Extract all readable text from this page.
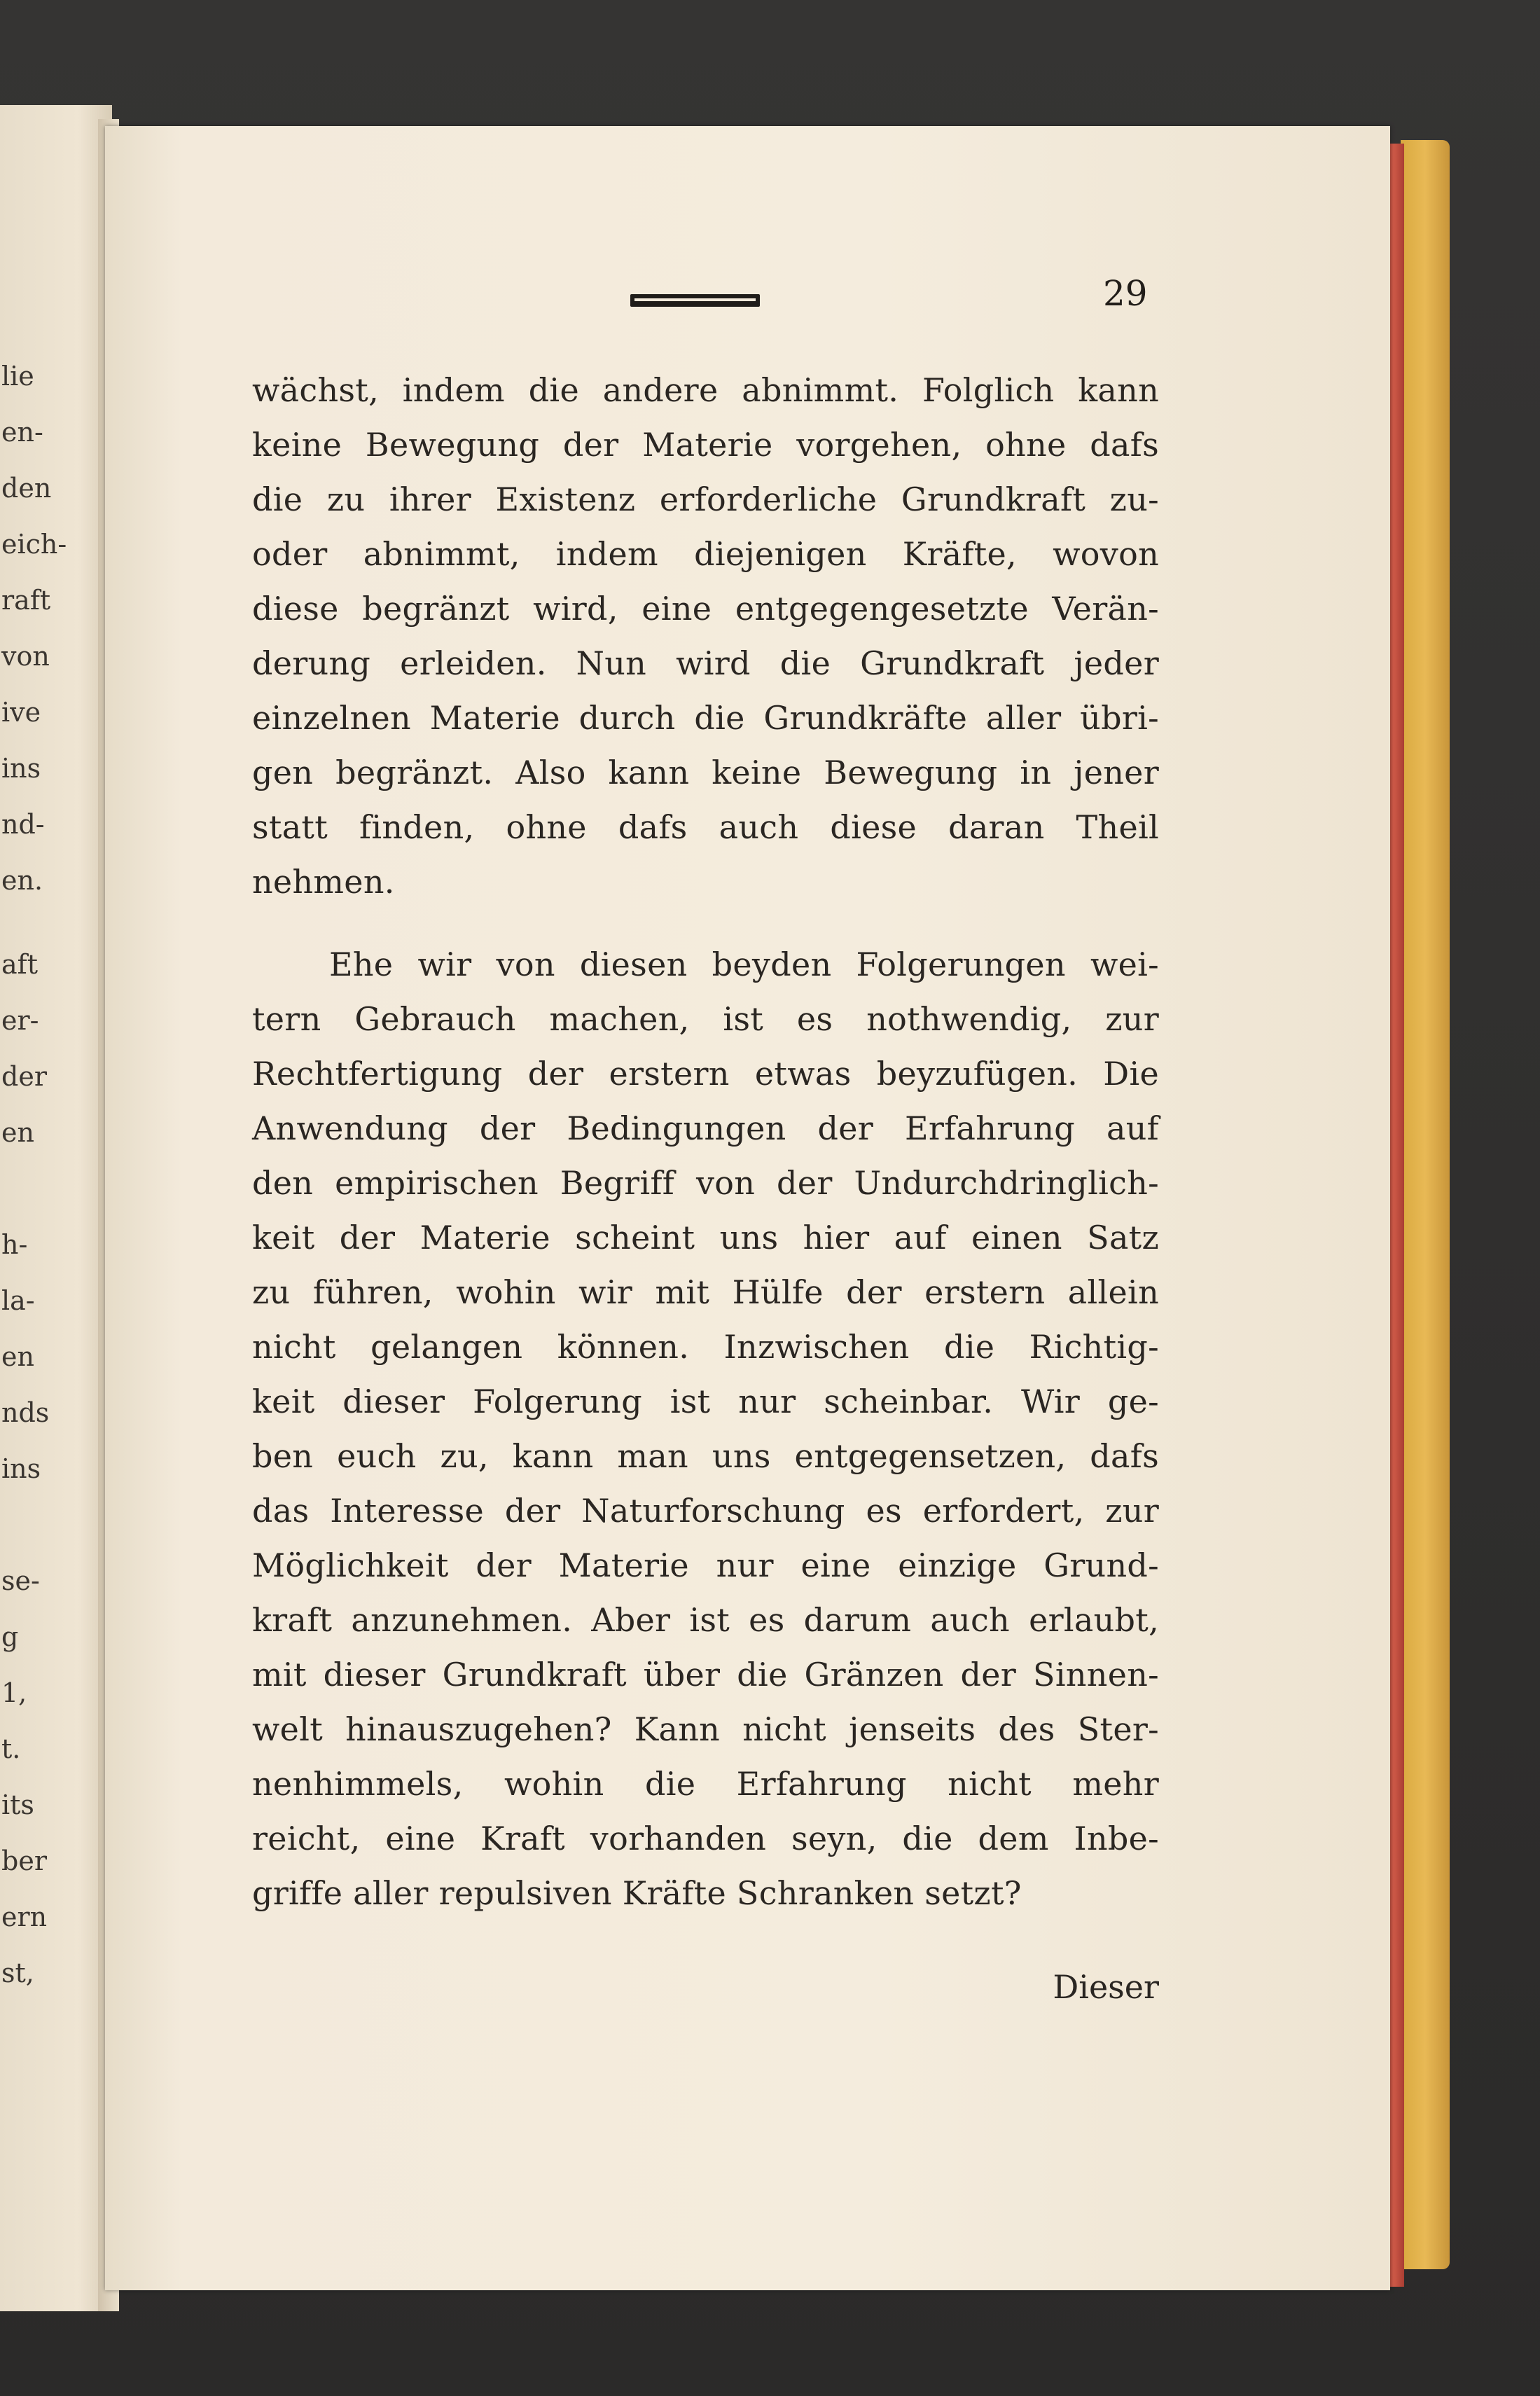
lie
en-
den
eich-
raft
von
ive
ins
nd-
en.
aft
er-
der
en
h-
la-
en
nds
ins
se-
g
1,
t.
its
ber
ern
st,
29
wächst, indem die andere abnimmt. Folglich kann
keine Bewegung der Materie vorgehen, ohne dafs
die zu ihrer Existenz erforderliche Grundkraft zu-
oder abnimmt, indem diejenigen Kräfte, wovon
diese begränzt wird, eine entgegengesetzte Verän-
derung erleiden. Nun wird die Grundkraft jeder
einzelnen Materie durch die Grundkräfte aller übri-
gen begränzt. Also kann keine Bewegung in jener
statt finden, ohne dafs auch diese daran Theil
nehmen.
Ehe wir von diesen beyden Folgerungen wei-
tern Gebrauch machen, ist es nothwendig, zur
Rechtfertigung der erstern etwas beyzufügen. Die
Anwendung der Bedingungen der Erfahrung auf
den empirischen Begriff von der Undurchdringlich-
keit der Materie scheint uns hier auf einen Satz
zu führen, wohin wir mit Hülfe der erstern allein
nicht gelangen können. Inzwischen die Richtig-
keit dieser Folgerung ist nur scheinbar. Wir ge-
ben euch zu, kann man uns entgegensetzen, dafs
das Interesse der Naturforschung es erfordert, zur
Möglichkeit der Materie nur eine einzige Grund-
kraft anzunehmen. Aber ist es darum auch erlaubt,
mit dieser Grundkraft über die Gränzen der Sinnen-
welt hinauszugehen? Kann nicht jenseits des Ster-
nenhimmels, wohin die Erfahrung nicht mehr
reicht, eine Kraft vorhanden seyn, die dem Inbe-
griffe aller repulsiven Kräfte Schranken setzt?
Dieser
